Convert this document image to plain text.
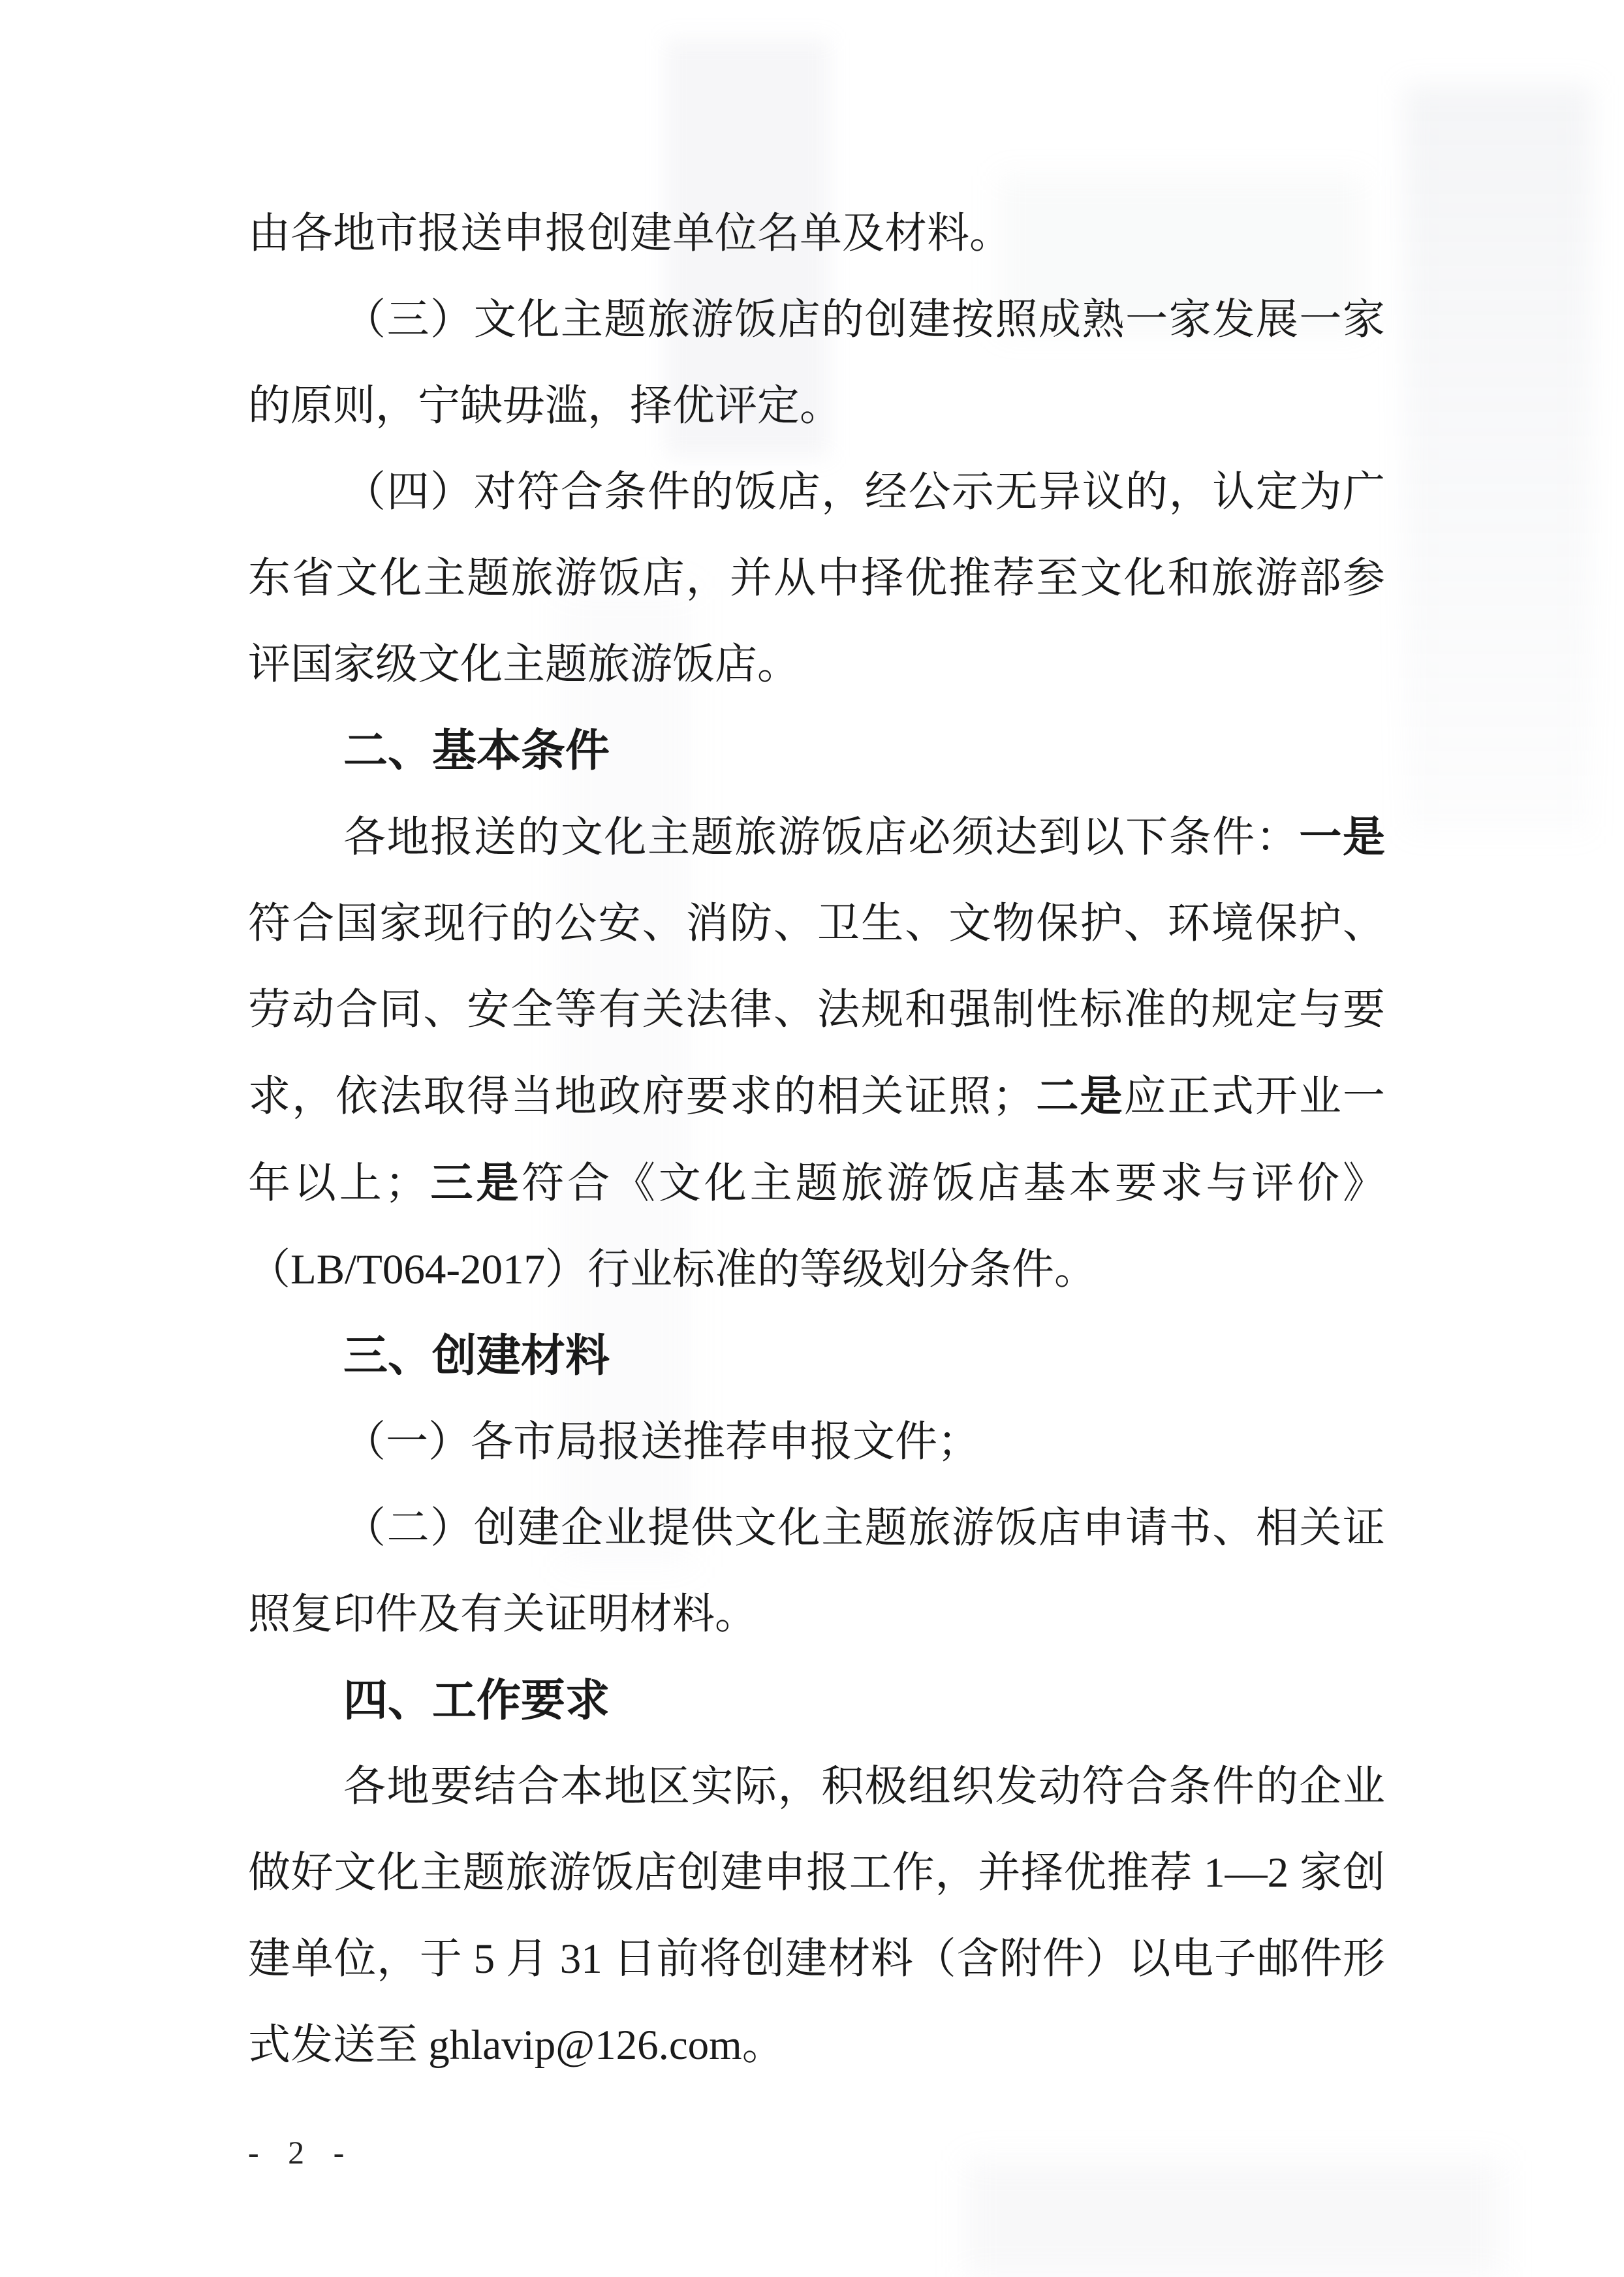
由各地市报送申报创建单位名单及材料。

（三）文化主题旅游饭店的创建按照成熟一家发展一家的原则，宁缺毋滥，择优评定。

（四）对符合条件的饭店，经公示无异议的，认定为广东省文化主题旅游饭店，并从中择优推荐至文化和旅游部参评国家级文化主题旅游饭店。

二、基本条件

各地报送的文化主题旅游饭店必须达到以下条件：一是符合国家现行的公安、消防、卫生、文物保护、环境保护、劳动合同、安全等有关法律、法规和强制性标准的规定与要求，依法取得当地政府要求的相关证照；二是应正式开业一年以上；三是符合《文化主题旅游饭店基本要求与评价》（LB/T064-2017）行业标准的等级划分条件。

三、创建材料

（一）各市局报送推荐申报文件；

（二）创建企业提供文化主题旅游饭店申请书、相关证照复印件及有关证明材料。

四、工作要求

各地要结合本地区实际，积极组织发动符合条件的企业做好文化主题旅游饭店创建申报工作，并择优推荐 1—2 家创建单位，于 5 月 31 日前将创建材料（含附件）以电子邮件形式发送至 ghlavip@126.com。

- 2 -
